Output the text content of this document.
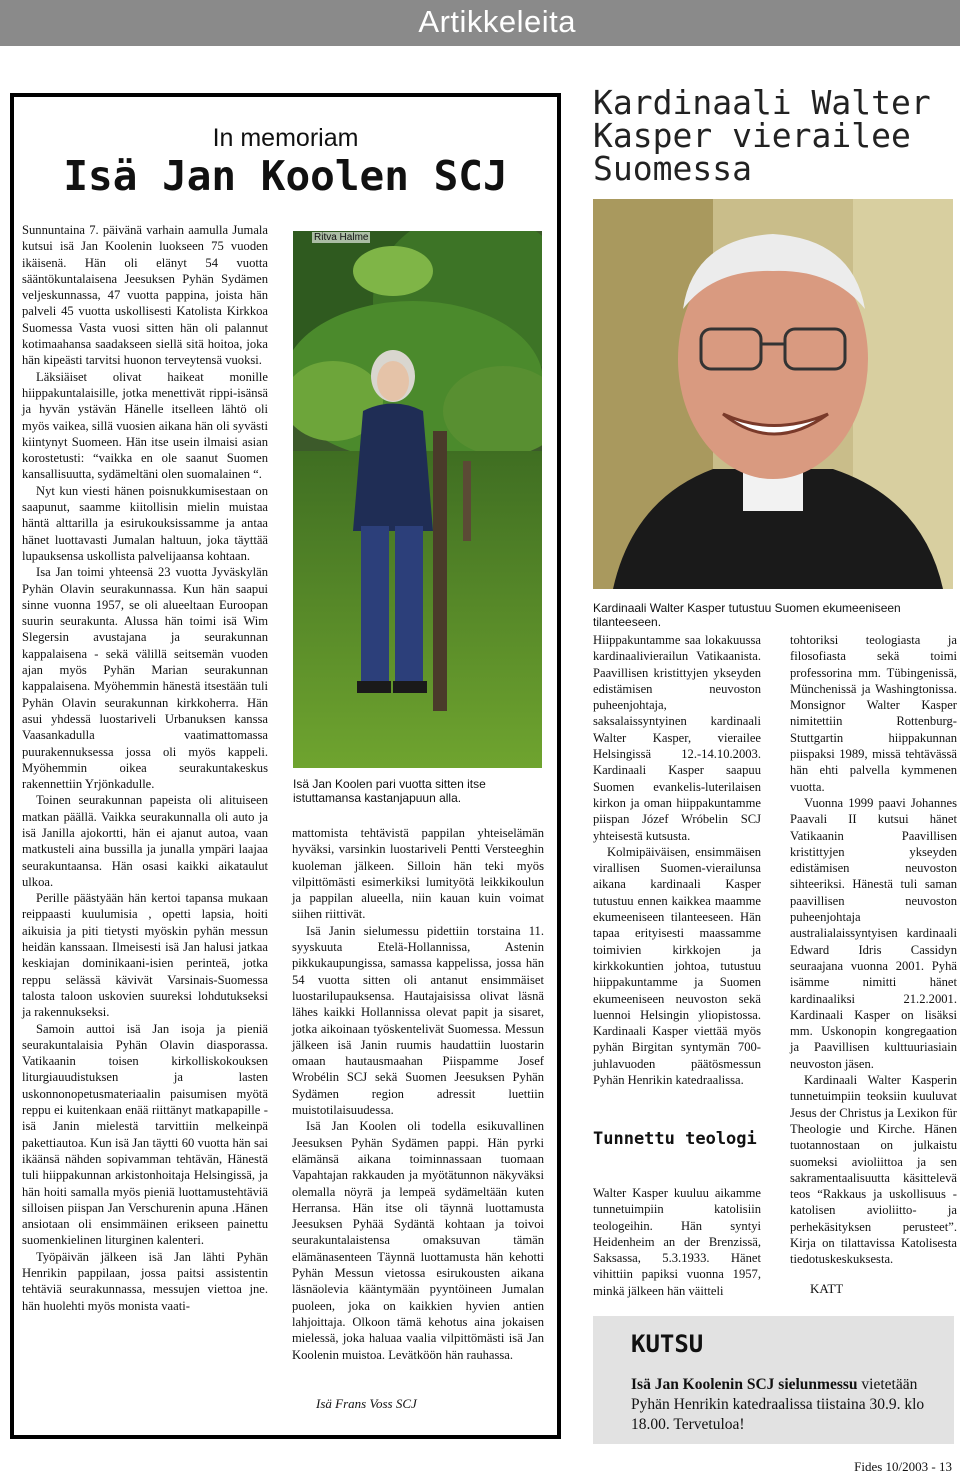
Artikkeleita
In memoriam
Isä Jan Koolen SCJ

Sunnuntaina 7. päivänä varhain aamulla Jumala kutsui isä Jan Koolenin luokseen 75 vuoden ikäisenä. Hän oli elänyt 54 vuotta sääntökuntalaisena Jeesuksen Pyhän Sydämen veljeskunnassa, 47 vuotta pappina, joista hän palveli 45 vuotta uskollisesti Katolista Kirkkoa Suomessa Vasta vuosi sitten hän oli palannut kotimaahansa saadakseen siellä sitä hoitoa, joka hän kipeästi tarvitsi huonon terveytensä vuoksi.

Läksiäiset olivat haikeat monille hiippakuntalaisille, jotka menettivät rippi-isänsä ja hyvän ystävän Hänelle itselleen lähtö oli myös vaikea, sillä vuosien aikana hän oli syvästi kiintynyt Suomeen. Hän itse usein ilmaisi asian korostetusti: “vaikka en ole saanut Suomen kansallisuutta, sydämeltäni olen suomalainen “.

Nyt kun viesti hänen poisnukkumisestaan on saapunut, saamme kiitollisin mielin muistaa häntä alttarilla ja esirukouksissamme ja antaa hänet luottavasti Jumalan haltuun, joka täyttää lupauksensa uskollista palvelijaansa kohtaan.

Isa Jan toimi yhteensä 23 vuotta Jyväskylän Pyhän Olavin seurakunnassa. Kun hän saapui sinne vuonna 1957, se oli alueeltaan Euroopan suurin seurakunta. Alussa hän toimi isä Wim Slegersin avustajana ja seurakunnan kappalaisena - sekä välillä seitsemän vuoden ajan myös Pyhän Marian seurakunnan kappalaisena. Myöhemmin hänestä itsestään tuli Pyhän Olavin seurakunnan kirkkoherra. Hän asui yhdessä luostariveli Urbanuksen kanssa Vaasankadulla vaatimattomassa puurakennuksessa jossa oli myös kappeli. Myöhemmin oikea seurakuntakeskus rakennettiin Yrjönkadulle.

Toinen seurakunnan papeista oli alituiseen matkan päällä. Vaikka seurakunnalla oli auto ja isä Janilla ajokortti, hän ei ajanut autoa, vaan matkusteli aina bussilla ja junalla ympäri laajaa seurakuntaansa. Hän osasi kaikki aikataulut ulkoa.

Perille päästyään hän kertoi tapansa mukaan reippaasti kuulumisia , opetti lapsia, hoiti aikuisia ja piti tietysti myöskin pyhän messun heidän kanssaan. Ilmeisesti isä Jan halusi jatkaa keskiajan dominikaani-isien perinteä, jotka reppu selässä kävivät Varsinais-Suomessa talosta taloon uskovien suureksi lohdutukseksi ja rakennukseksi.

Samoin auttoi isä Jan isoja ja pieniä seurakuntalaisia Pyhän Olavin diasporassa. Vatikaanin toisen kirkolliskokouksen liturgiauudistuksen ja lasten uskonnonopetusmateriaalin paisumisen myötä reppu ei kuitenkaan enää riittänyt matkapapille - isä Janin mielestä tarvittiin melkeinpä pakettiautoa. Kun isä Jan täytti 60 vuotta hän sai ikäänsä nähden sopivamman tehtävän, Hänestä tuli hiippakunnan arkistonhoitaja Helsingissä, ja hän hoiti samalla myös pieniä luottamustehtäviä silloisen piispan Jan Verschurenin apuna .Hänen ansiotaan oli ensimmäinen erikseen painettu suomenkielinen liturginen kalenteri.

Työpäivän jälkeen isä Jan lähti Pyhän Henrikin pappilaan, jossa paitsi assistentin tehtäviä seurakunnassa, messujen viettoa jne. hän huolehti myös monista vaati-

Ritva Halme
Isä Jan Koolen pari vuotta sitten itse istuttamansa kastanjapuun alla.

mattomista tehtävistä pappilan yhteiselämän hyväksi, varsinkin luostariveli Pentti Versteeghin kuoleman jälkeen. Silloin hän teki myös vilpittömästi esimerkiksi lumityötä leikkikoulun ja pappilan alueella, niin kauan kuin voimat siihen riittivät.

Isä Janin sielumessu pidettiin torstaina 11. syyskuuta Etelä-Hollannissa, Astenin pikkukaupungissa, samassa kappelissa, jossa hän 54 vuotta sitten oli antanut ensimmäiset luostarilupauksensa. Hautajaisissa olivat läsnä lähes kaikki Hollannissa olevat papit ja sisaret, jotka aikoinaan työskentelivät Suomessa. Messun jälkeen isä Janin ruumis haudattiin luostarin omaan hautausmaahan Piispamme Josef Wrobélin SCJ sekä Suomen Jeesuksen Pyhän Sydämen region adressit luettiin muistotilaisuudessa.

Isä Jan Koolen oli todella esikuvallinen Jeesuksen Pyhän Sydämen pappi. Hän pyrki elämänsä aikana toiminnassaan tuomaan Vapahtajan rakkauden ja myötätunnon näkyväksi olemalla nöyrä ja lempeä sydämeltään kuten Herransa. Hän itse oli täynnä luottamusta Jeesuksen Pyhää Sydäntä kohtaan ja toivoi seurakuntalaistensa omaksuvan tämän elämänasenteen Täynnä luottamusta hän kehotti Pyhän Messun vietossa esirukousten aikana läsnäolevia kääntymään pyyntöineen Jumalan puoleen, joka on kaikkien hyvien antien lahjoittaja. Olkoon tämä kehotus aina jokaisen mielessä, joka haluaa vaalia vilpittömästi isä Jan Koolenin muistoa. Levätköön hän rauhassa.

Isä Frans Voss SCJ
Kardinaali Walter Kasper vierailee Suomessa
Kardinaali Walter Kasper tutustuu Suomen ekumeeniseen tilanteeseen.

Hiippakuntamme saa lokakuussa kardinaalivierailun Vatikaanista. Paavillisen kristittyjen ykseyden edistämisen neuvoston puheenjohtaja, saksalaissyntyinen kardinaali Walter Kasper, vierailee Helsingissä 12.-14.10.2003. Kardinaali Kasper saapuu Suomen evankelis-luterilaisen kirkon ja oman hiippakuntamme piispan Józef Wróbelin SCJ yhteisestä kutsusta.

Kolmipäiväisen, ensimmäisen virallisen Suomen-vierailunsa aikana kardinaali Kasper tutustuu ennen kaikkea maamme ekumeeniseen tilanteeseen. Hän tapaa erityisesti maassamme toimivien kirkkojen ja kirkkokuntien johtoa, tutustuu hiippakuntamme ja Suomen ekumeeniseen neuvoston sekä luennoi Helsingin yliopistossa. Kardinaali Kasper viettää myös pyhän Birgitan syntymän 700-juhlavuoden päätösmessun Pyhän Henrikin katedraalissa.

Tunnettu teologi

Walter Kasper kuuluu aikamme tunnetuimpiin katolisiin teologeihin. Hän syntyi Heidenheim an der Brenzissä, Saksassa, 5.3.1933. Hänet vihittiin papiksi vuonna 1957, minkä jälkeen hän väitteli

tohtoriksi teologiasta ja filosofiasta sekä toimi professorina mm. Tübingenissä, Münchenissä ja Washingtonissa. Monsignor Walter Kasper nimitettiin Rottenburg-Stuttgartin hiippakunnan piispaksi 1989, missä tehtävässä hän ehti palvella kymmenen vuotta.

Vuonna 1999 paavi Johannes Paavali II kutsui hänet Vatikaanin Paavillisen kristittyjen ykseyden edistämisen neuvoston sihteeriksi. Hänestä tuli saman paavillisen neuvoston puheenjohtaja australialaissyntyisen kardinaali Edward Idris Cassidyn seuraajana vuonna 2001. Pyhä isämme nimitti hänet kardinaaliksi 21.2.2001. Kardinaali Kasper on lisäksi mm. Uskonopin kongregaation ja Paavillisen kulttuuriasiain neuvoston jäsen.

Kardinaali Walter Kasperin tunnetuimpiin teoksiin kuuluvat Jesus der Christus ja Lexikon für Theologie und Kirche. Hänen tuotannostaan on julkaistu suomeksi avioliittoa ja sen sakramentaalisuutta käsittelevä teos “Rakkaus ja uskollisuus - katolisen avioliitto- ja perhekäsityksen perusteet”. Kirja on tilattavissa Katolisesta tiedotuskeskuksesta.

KATT
KUTSU
Isä Jan Koolenin SCJ sielunmessu vietetään Pyhän Henrikin katedraalissa tiistaina 30.9. klo 18.00. Tervetuloa!
Fides 10/2003 - 13
